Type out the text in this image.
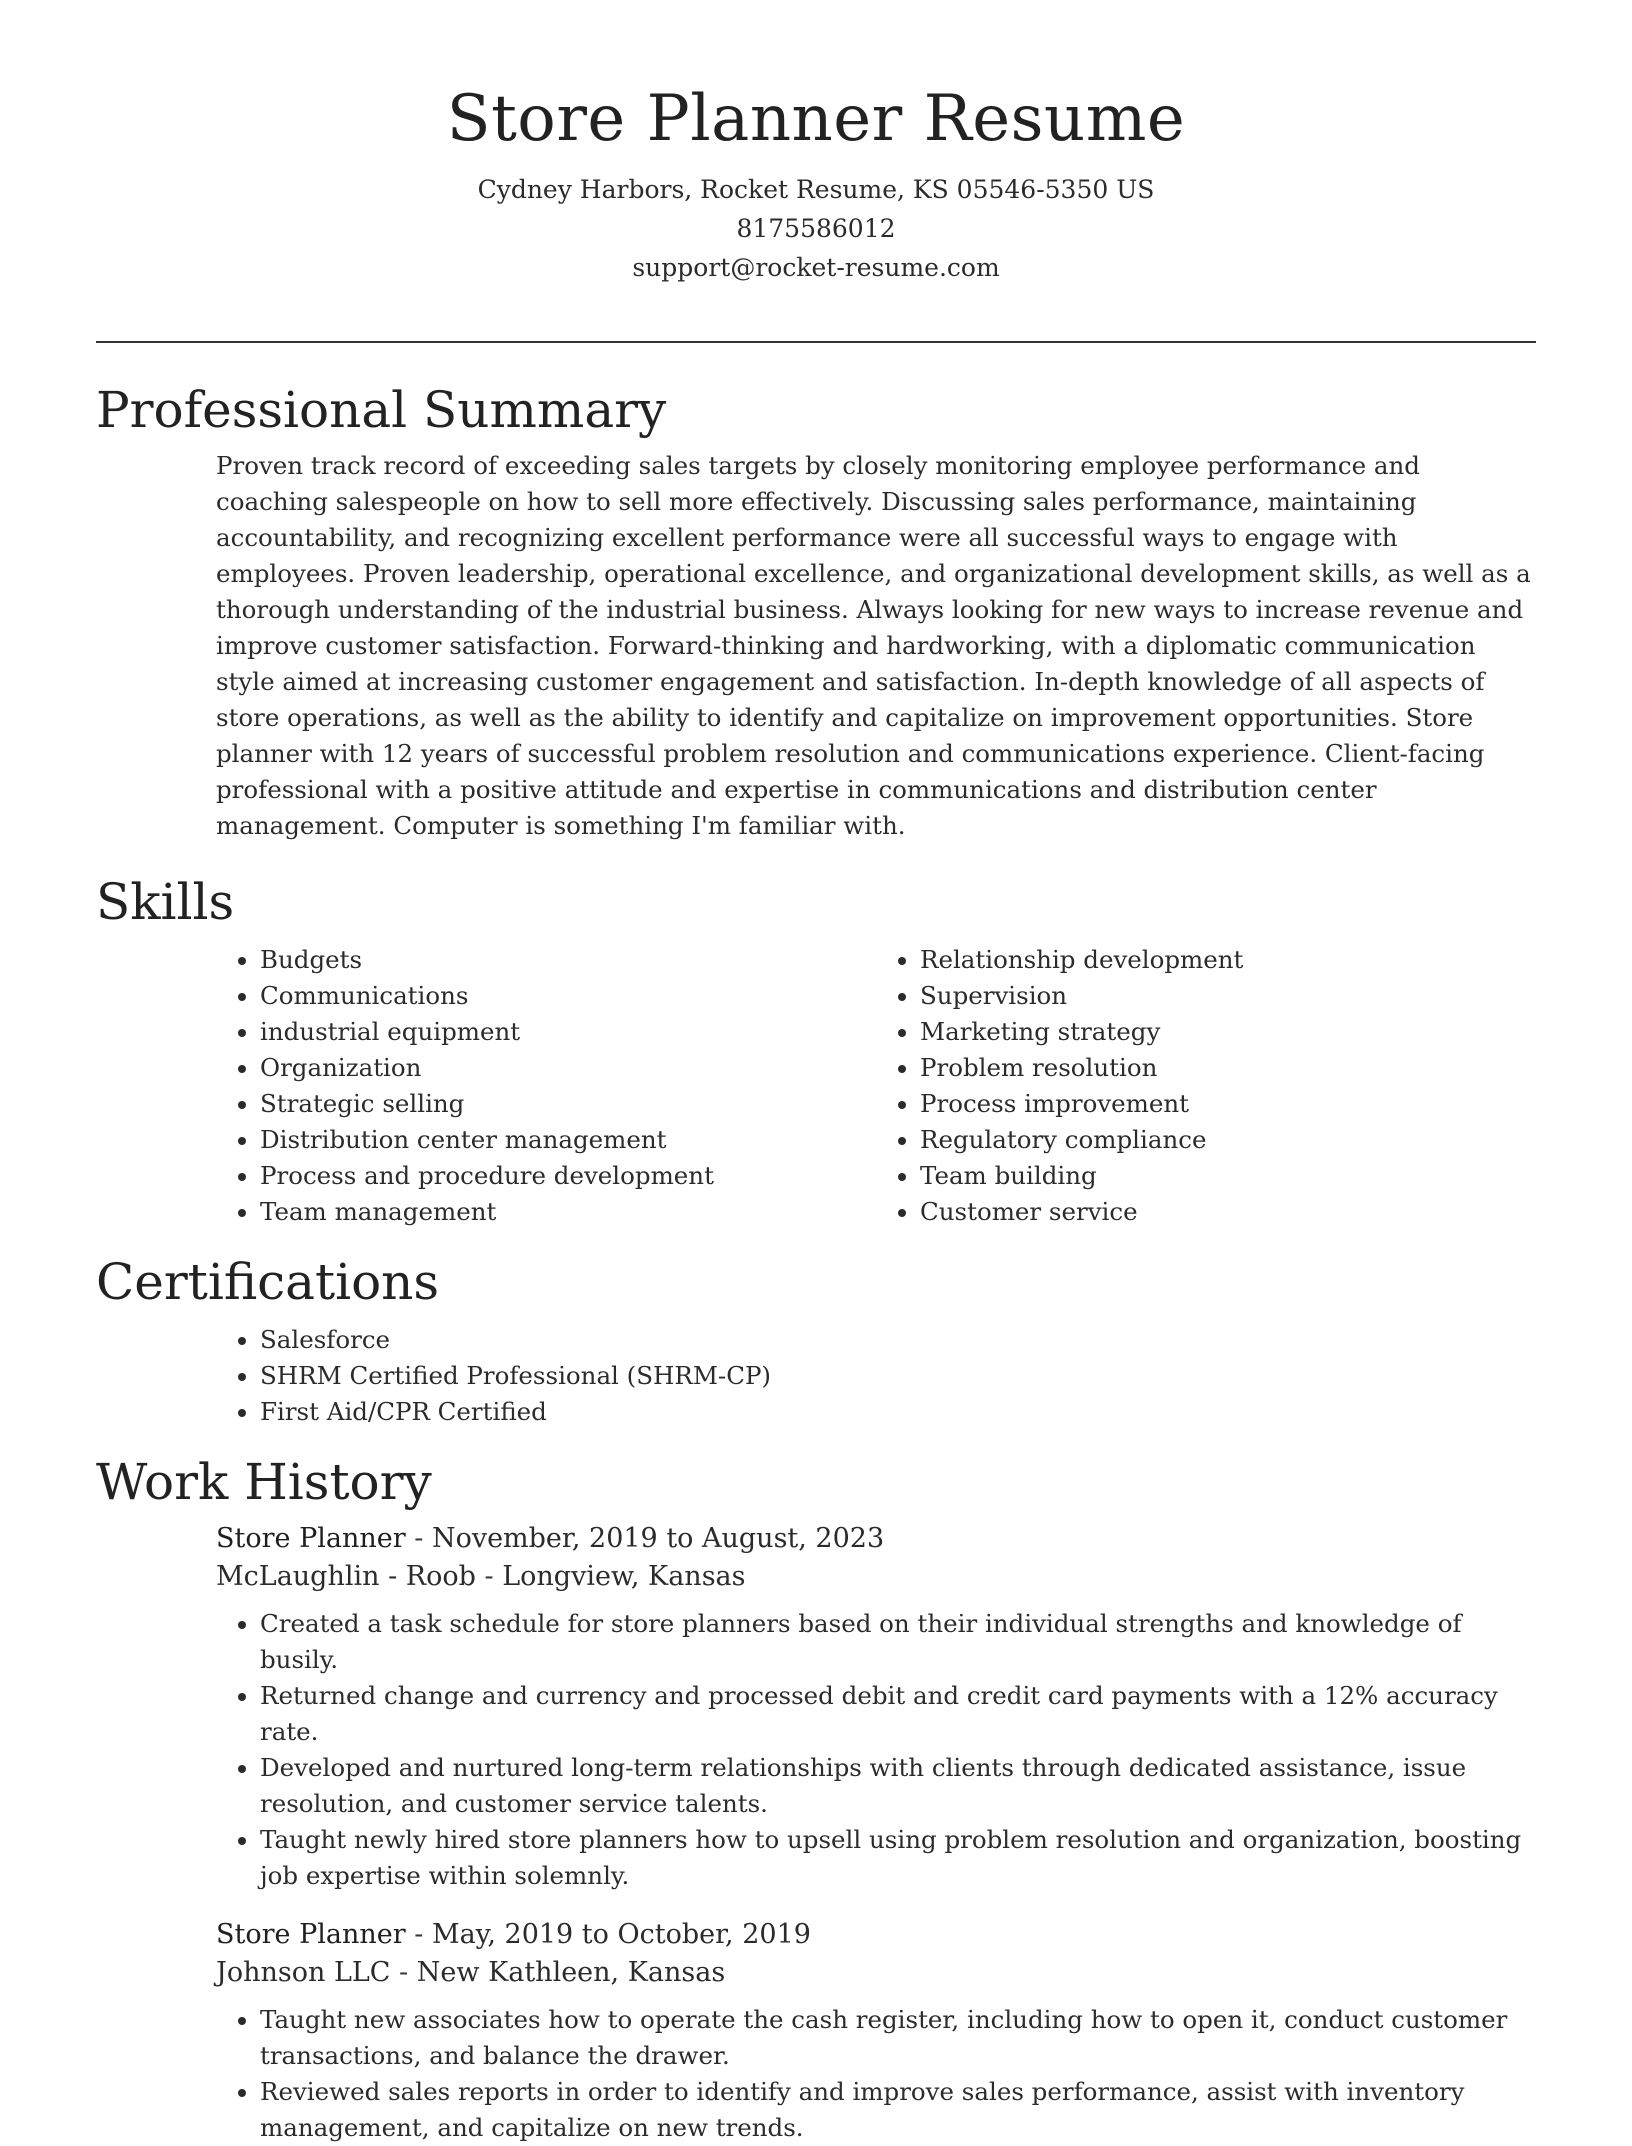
Store Planner Resume
Cydney Harbors, Rocket Resume, KS 05546-5350 US
8175586012
support@rocket-resume.com
Professional Summary

Proven track record of exceeding sales targets by closely monitoring employee performance and coaching salespeople on how to sell more effectively. Discussing sales performance, maintaining accountability, and recognizing excellent performance were all successful ways to engage with employees. Proven leadership, operational excellence, and organizational development skills, as well as a thorough understanding of the industrial business. Always looking for new ways to increase revenue and improve customer satisfaction. Forward-thinking and hardworking, with a diplomatic communication style aimed at increasing customer engagement and satisfaction. In-depth knowledge of all aspects of store operations, as well as the ability to identify and capitalize on improvement opportunities. Store planner with 12 years of successful problem resolution and communications experience. Client-facing professional with a positive attitude and expertise in communications and distribution center management. Computer is something I'm familiar with.

Skills
• Budgets
• Communications
• industrial equipment
• Organization
• Strategic selling
• Distribution center management
• Process and procedure development
• Team management
• Relationship development
• Supervision
• Marketing strategy
• Problem resolution
• Process improvement
• Regulatory compliance
• Team building
• Customer service
Certifications
• Salesforce
• SHRM Certified Professional (SHRM-CP)
• First Aid/CPR Certified
Work History
Store Planner - November, 2019 to August, 2023
McLaughlin - Roob - Longview, Kansas
• Created a task schedule for store planners based on their individual strengths and knowledge of busily.
• Returned change and currency and processed debit and credit card payments with a 12% accuracy rate.
• Developed and nurtured long-term relationships with clients through dedicated assistance, issue resolution, and customer service talents.
• Taught newly hired store planners how to upsell using problem resolution and organization, boosting job expertise within solemnly.
Store Planner - May, 2019 to October, 2019
Johnson LLC - New Kathleen, Kansas
• Taught new associates how to operate the cash register, including how to open it, conduct customer transactions, and balance the drawer.
• Reviewed sales reports in order to identify and improve sales performance, assist with inventory management, and capitalize on new trends.
